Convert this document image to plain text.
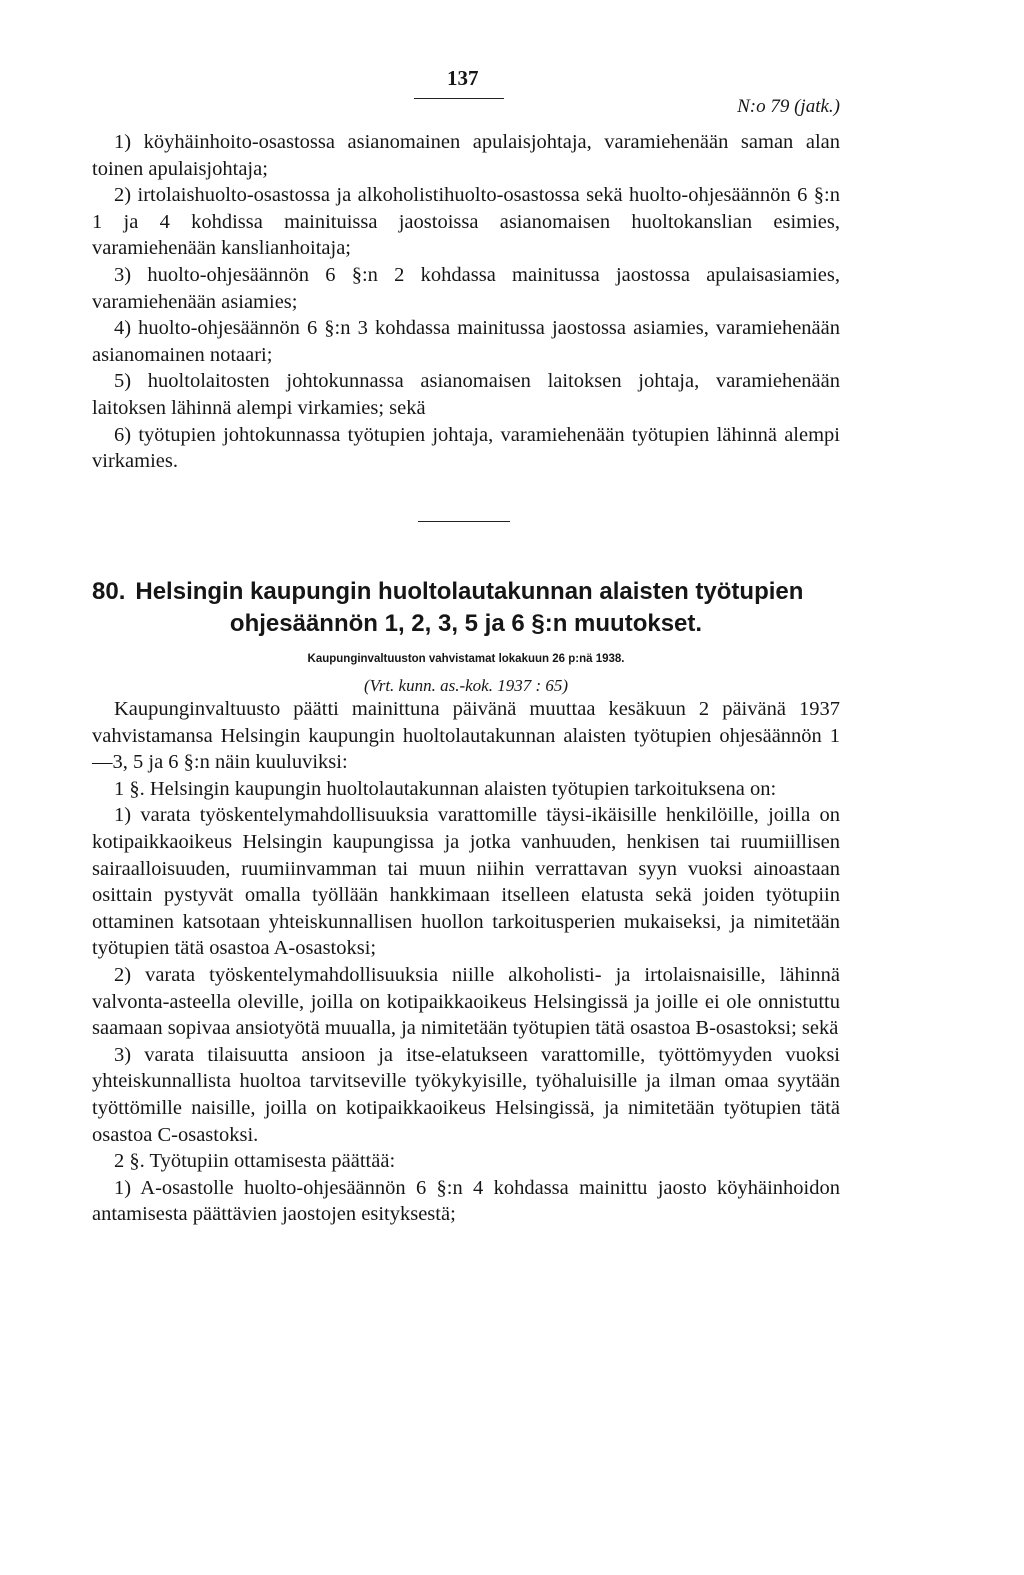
137
N:o 79 (jatk.)

1) köyhäinhoito-osastossa asianomainen apulaisjohtaja, varamiehenään saman alan toinen apulaisjohtaja;

2) irtolaishuolto-osastossa ja alkoholistihuolto-osastossa sekä huolto-ohjesäännön 6 §:n 1 ja 4 kohdissa mainituissa jaostoissa asianomaisen huoltokanslian esimies, varamiehenään kanslianhoitaja;

3) huolto-ohjesäännön 6 §:n 2 kohdassa mainitussa jaostossa apulaisasiamies, varamiehenään asiamies;

4) huolto-ohjesäännön 6 §:n 3 kohdassa mainitussa jaostossa asiamies, varamiehenään asianomainen notaari;

5) huoltolaitosten johtokunnassa asianomaisen laitoksen johtaja, varamiehenään laitoksen lähinnä alempi virkamies; sekä

6) työtupien johtokunnassa työtupien johtaja, varamiehenään työtupien lähinnä alempi virkamies.

80. Helsingin kaupungin huoltolautakunnan alaisten työtupien
ohjesäännön 1, 2, 3, 5 ja 6 §:n muutokset.
Kaupunginvaltuuston vahvistamat lokakuun 26 p:nä 1938.
(Vrt. kunn. as.-kok. 1937 : 65)

Kaupunginvaltuusto päätti mainittuna päivänä muuttaa kesäkuun 2 päivänä 1937 vahvistamansa Helsingin kaupungin huoltolautakunnan alaisten työtupien ohjesäännön 1—3, 5 ja 6 §:n näin kuuluviksi:

1 §. Helsingin kaupungin huoltolautakunnan alaisten työtupien tarkoituksena on:

1) varata työskentelymahdollisuuksia varattomille täysi-ikäisille henkilöille, joilla on kotipaikkaoikeus Helsingin kaupungissa ja jotka vanhuuden, henkisen tai ruumiillisen sairaalloisuuden, ruumiinvamman tai muun niihin verrattavan syyn vuoksi ainoastaan osittain pystyvät omalla työllään hankkimaan itselleen elatusta sekä joiden työtupiin ottaminen katsotaan yhteiskunnallisen huollon tarkoitusperien mukaiseksi, ja nimitetään työtupien tätä osastoa A-osastoksi;

2) varata työskentelymahdollisuuksia niille alkoholisti- ja irtolaisnaisille, lähinnä valvonta-asteella oleville, joilla on kotipaikkaoikeus Helsingissä ja joille ei ole onnistuttu saamaan sopivaa ansiotyötä muualla, ja nimitetään työtupien tätä osastoa B-osastoksi; sekä

3) varata tilaisuutta ansioon ja itse-elatukseen varattomille, työttömyyden vuoksi yhteiskunnallista huoltoa tarvitseville työkykyisille, työhaluisille ja ilman omaa syytään työttömille naisille, joilla on kotipaikkaoikeus Helsingissä, ja nimitetään työtupien tätä osastoa C-osastoksi.

2 §. Työtupiin ottamisesta päättää:

1) A-osastolle huolto-ohjesäännön 6 §:n 4 kohdassa mainittu jaosto köyhäinhoidon antamisesta päättävien jaostojen esityksestä;
